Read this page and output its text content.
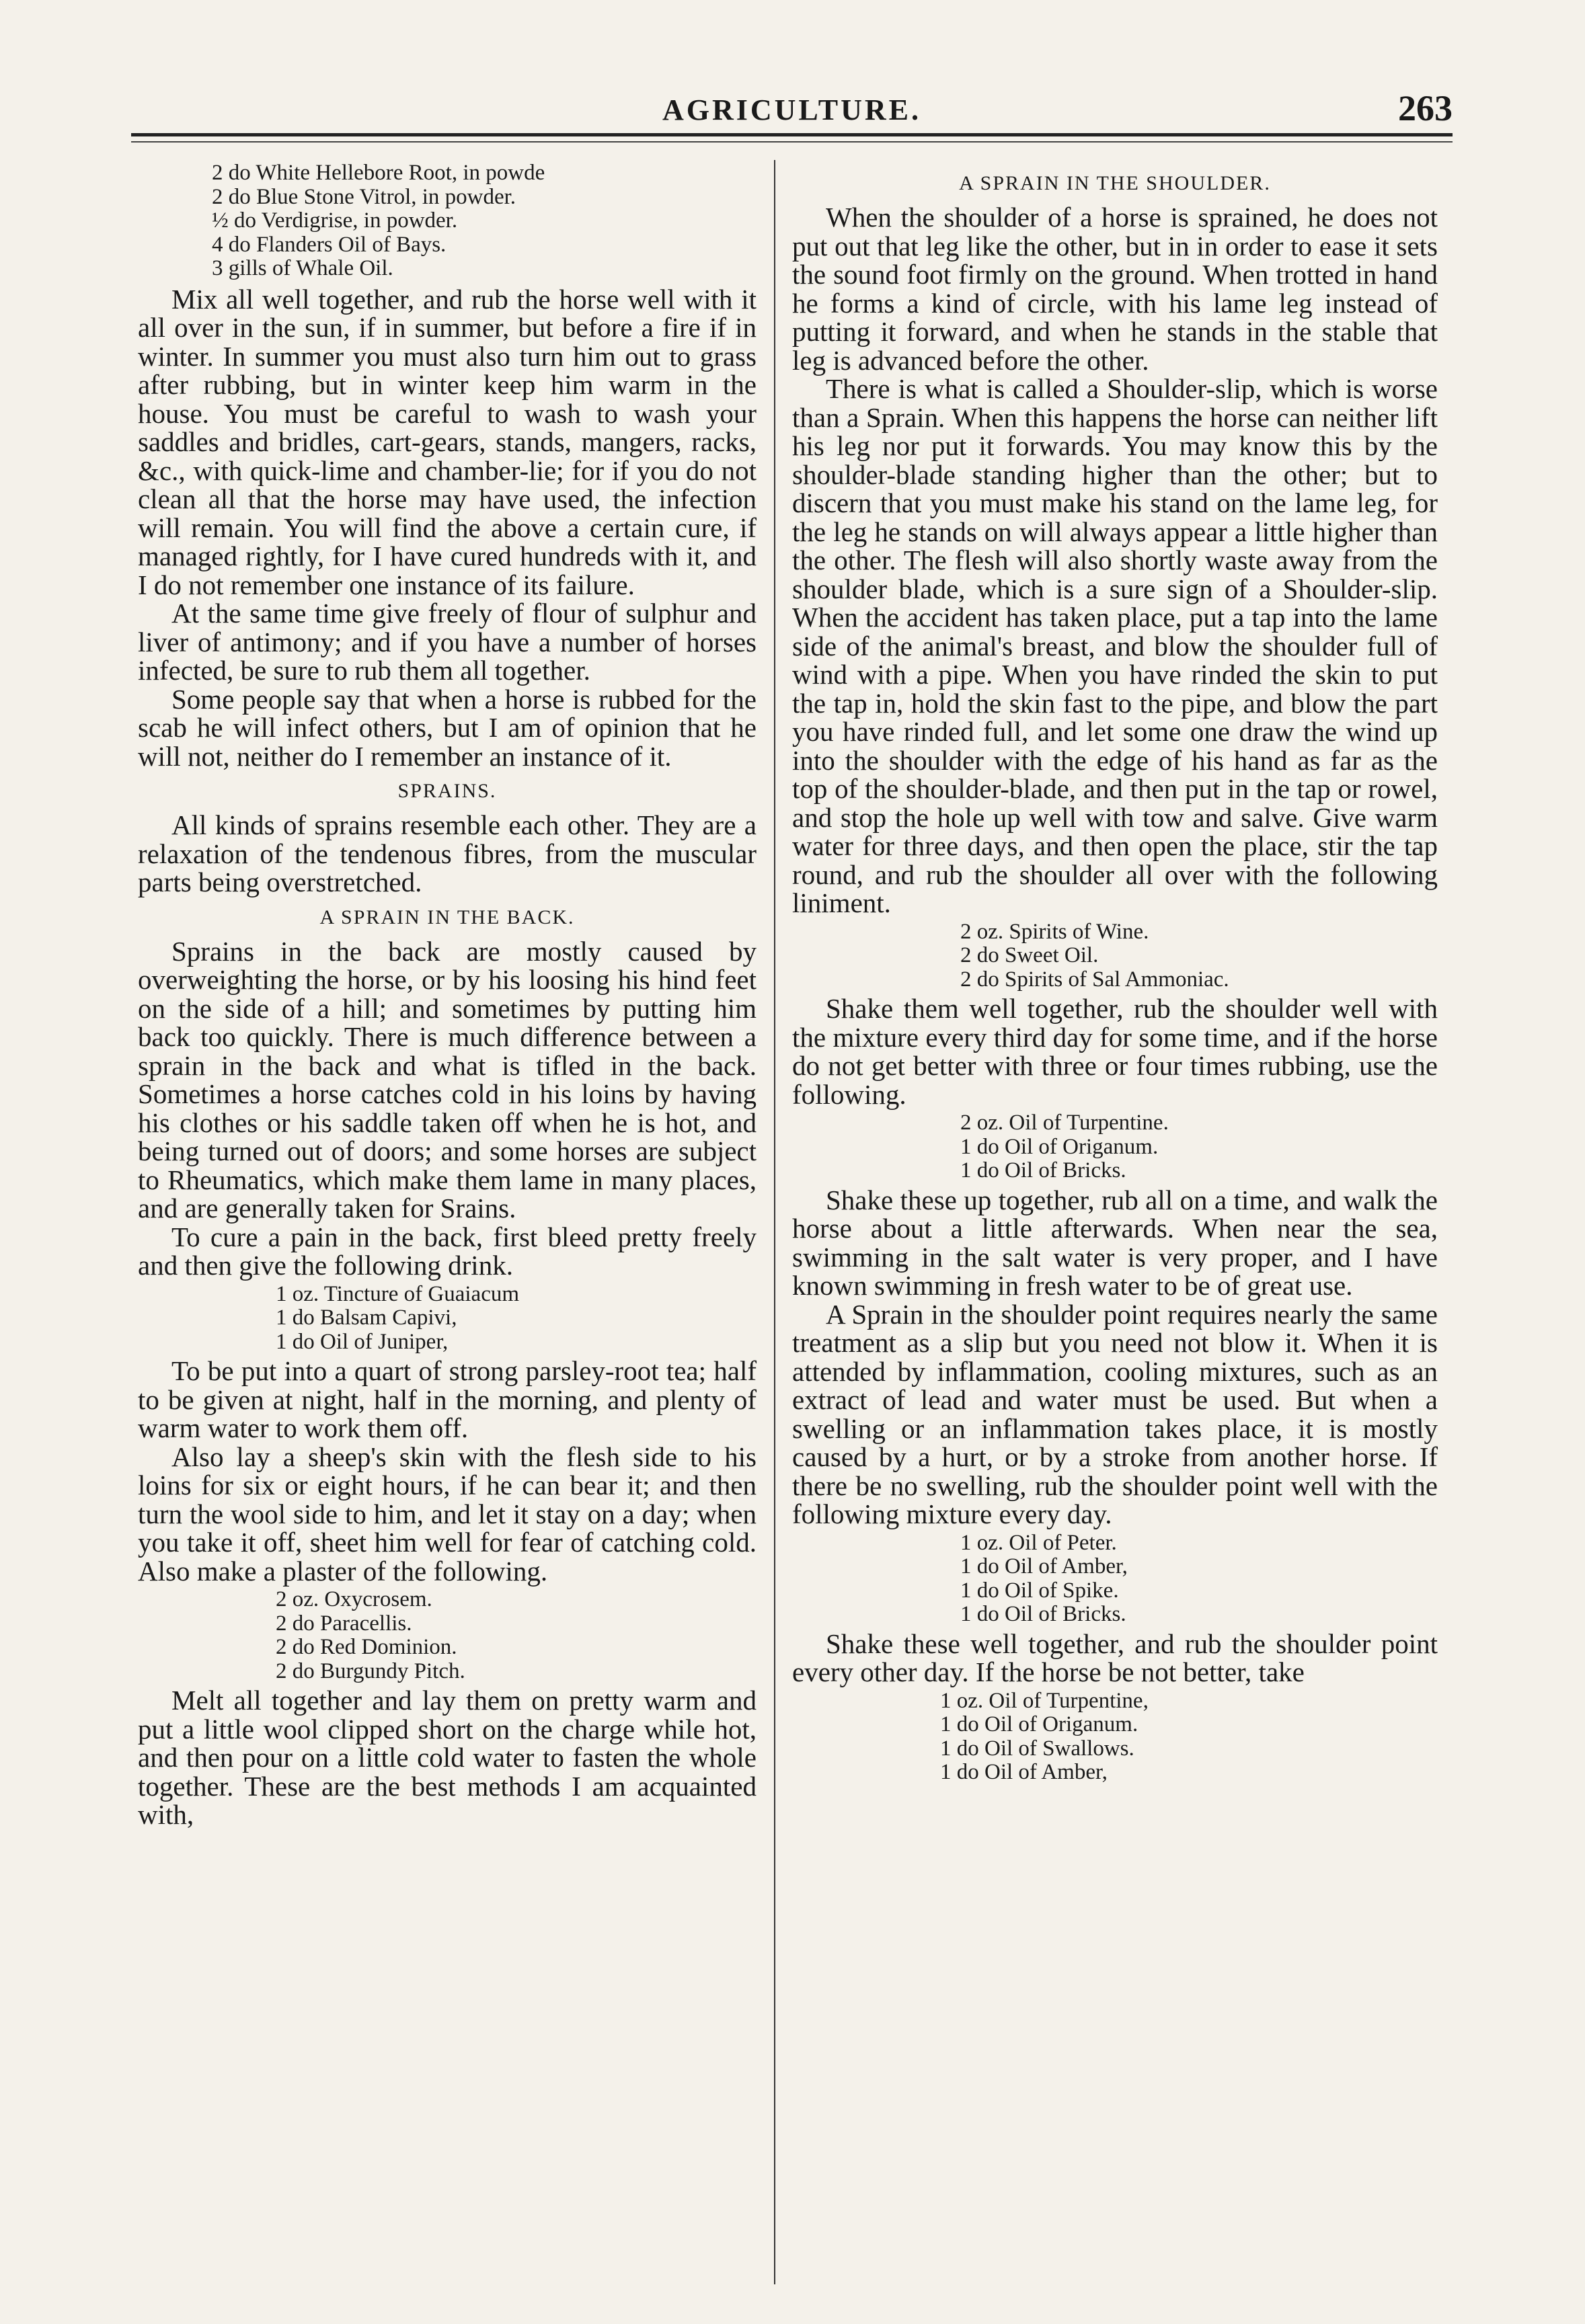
AGRICULTURE.	263
2 do White Hellebore Root, in powde
2 do Blue Stone Vitrol, in powder.
½ do Verdigrise, in powder.
4 do Flanders Oil of Bays.
3 gills of Whale Oil.

Mix all well together, and rub the horse well with it all over in the sun, if in summer, but before a fire if in winter. In summer you must also turn him out to grass after rubbing, but in winter keep him warm in the house. You must be careful to wash to wash your saddles and bridles, cart-gears, stands, mangers, racks, &c., with quick-lime and chamber-lie; for if you do not clean all that the horse may have used, the infection will remain. You will find the above a certain cure, if managed rightly, for I have cured hundreds with it, and I do not remember one instance of its failure.

At the same time give freely of flour of sulphur and liver of antimony; and if you have a number of horses infected, be sure to rub them all together.

Some people say that when a horse is rubbed for the scab he will infect others, but I am of opinion that he will not, neither do I remember an instance of it.

SPRAINS.

All kinds of sprains resemble each other. They are a relaxation of the tendenous fibres, from the muscular parts being overstretched.

A SPRAIN IN THE BACK.

Sprains in the back are mostly caused by overweighting the horse, or by his loosing his hind feet on the side of a hill; and sometimes by putting him back too quickly. There is much difference between a sprain in the back and what is tifled in the back. Sometimes a horse catches cold in his loins by having his clothes or his saddle taken off when he is hot, and being turned out of doors; and some horses are subject to Rheumatics, which make them lame in many places, and are generally taken for Srains.

To cure a pain in the back, first bleed pretty freely and then give the following drink.

1 oz. Tincture of Guaiacum
1 do Balsam Capivi,
1 do Oil of Juniper,

To be put into a quart of strong parsley-root tea; half to be given at night, half in the morning, and plenty of warm water to work them off.

Also lay a sheep's skin with the flesh side to his loins for six or eight hours, if he can bear it; and then turn the wool side to him, and let it stay on a day; when you take it off, sheet him well for fear of catching cold. Also make a plaster of the following.

2 oz. Oxycrosem.
2 do Paracellis.
2 do Red Dominion.
2 do Burgundy Pitch.

Melt all together and lay them on pretty warm and put a little wool clipped short on the charge while hot, and then pour on a little cold water to fasten the whole together. These are the best methods I am acquainted with,

A SPRAIN IN THE SHOULDER.

When the shoulder of a horse is sprained, he does not put out that leg like the other, but in in order to ease it sets the sound foot firmly on the ground. When trotted in hand he forms a kind of circle, with his lame leg instead of putting it forward, and when he stands in the stable that leg is advanced before the other.

There is what is called a Shoulder-slip, which is worse than a Sprain. When this happens the horse can neither lift his leg nor put it forwards. You may know this by the shoulder-blade standing higher than the other; but to discern that you must make his stand on the lame leg, for the leg he stands on will always appear a little higher than the other. The flesh will also shortly waste away from the shoulder blade, which is a sure sign of a Shoulder-slip. When the accident has taken place, put a tap into the lame side of the animal's breast, and blow the shoulder full of wind with a pipe. When you have rinded the skin to put the tap in, hold the skin fast to the pipe, and blow the part you have rinded full, and let some one draw the wind up into the shoulder with the edge of his hand as far as the top of the shoulder-blade, and then put in the tap or rowel, and stop the hole up well with tow and salve. Give warm water for three days, and then open the place, stir the tap round, and rub the shoulder all over with the following liniment.

2 oz. Spirits of Wine.
2 do Sweet Oil.
2 do Spirits of Sal Ammoniac.

Shake them well together, rub the shoulder well with the mixture every third day for some time, and if the horse do not get better with three or four times rubbing, use the following.

2 oz. Oil of Turpentine.
1 do Oil of Origanum.
1 do Oil of Bricks.

Shake these up together, rub all on a time, and walk the horse about a little afterwards. When near the sea, swimming in the salt water is very proper, and I have known swimming in fresh water to be of great use.

A Sprain in the shoulder point requires nearly the same treatment as a slip but you need not blow it. When it is attended by inflammation, cooling mixtures, such as an extract of lead and water must be used. But when a swelling or an inflammation takes place, it is mostly caused by a hurt, or by a stroke from another horse. If there be no swelling, rub the shoulder point well with the following mixture every day.

1 oz. Oil of Peter.
1 do Oil of Amber,
1 do Oil of Spike.
1 do Oil of Bricks.

Shake these well together, and rub the shoulder point every other day. If the horse be not better, take

1 oz. Oil of Turpentine,
1 do Oil of Origanum.
1 do Oil of Swallows.
1 do Oil of Amber,
